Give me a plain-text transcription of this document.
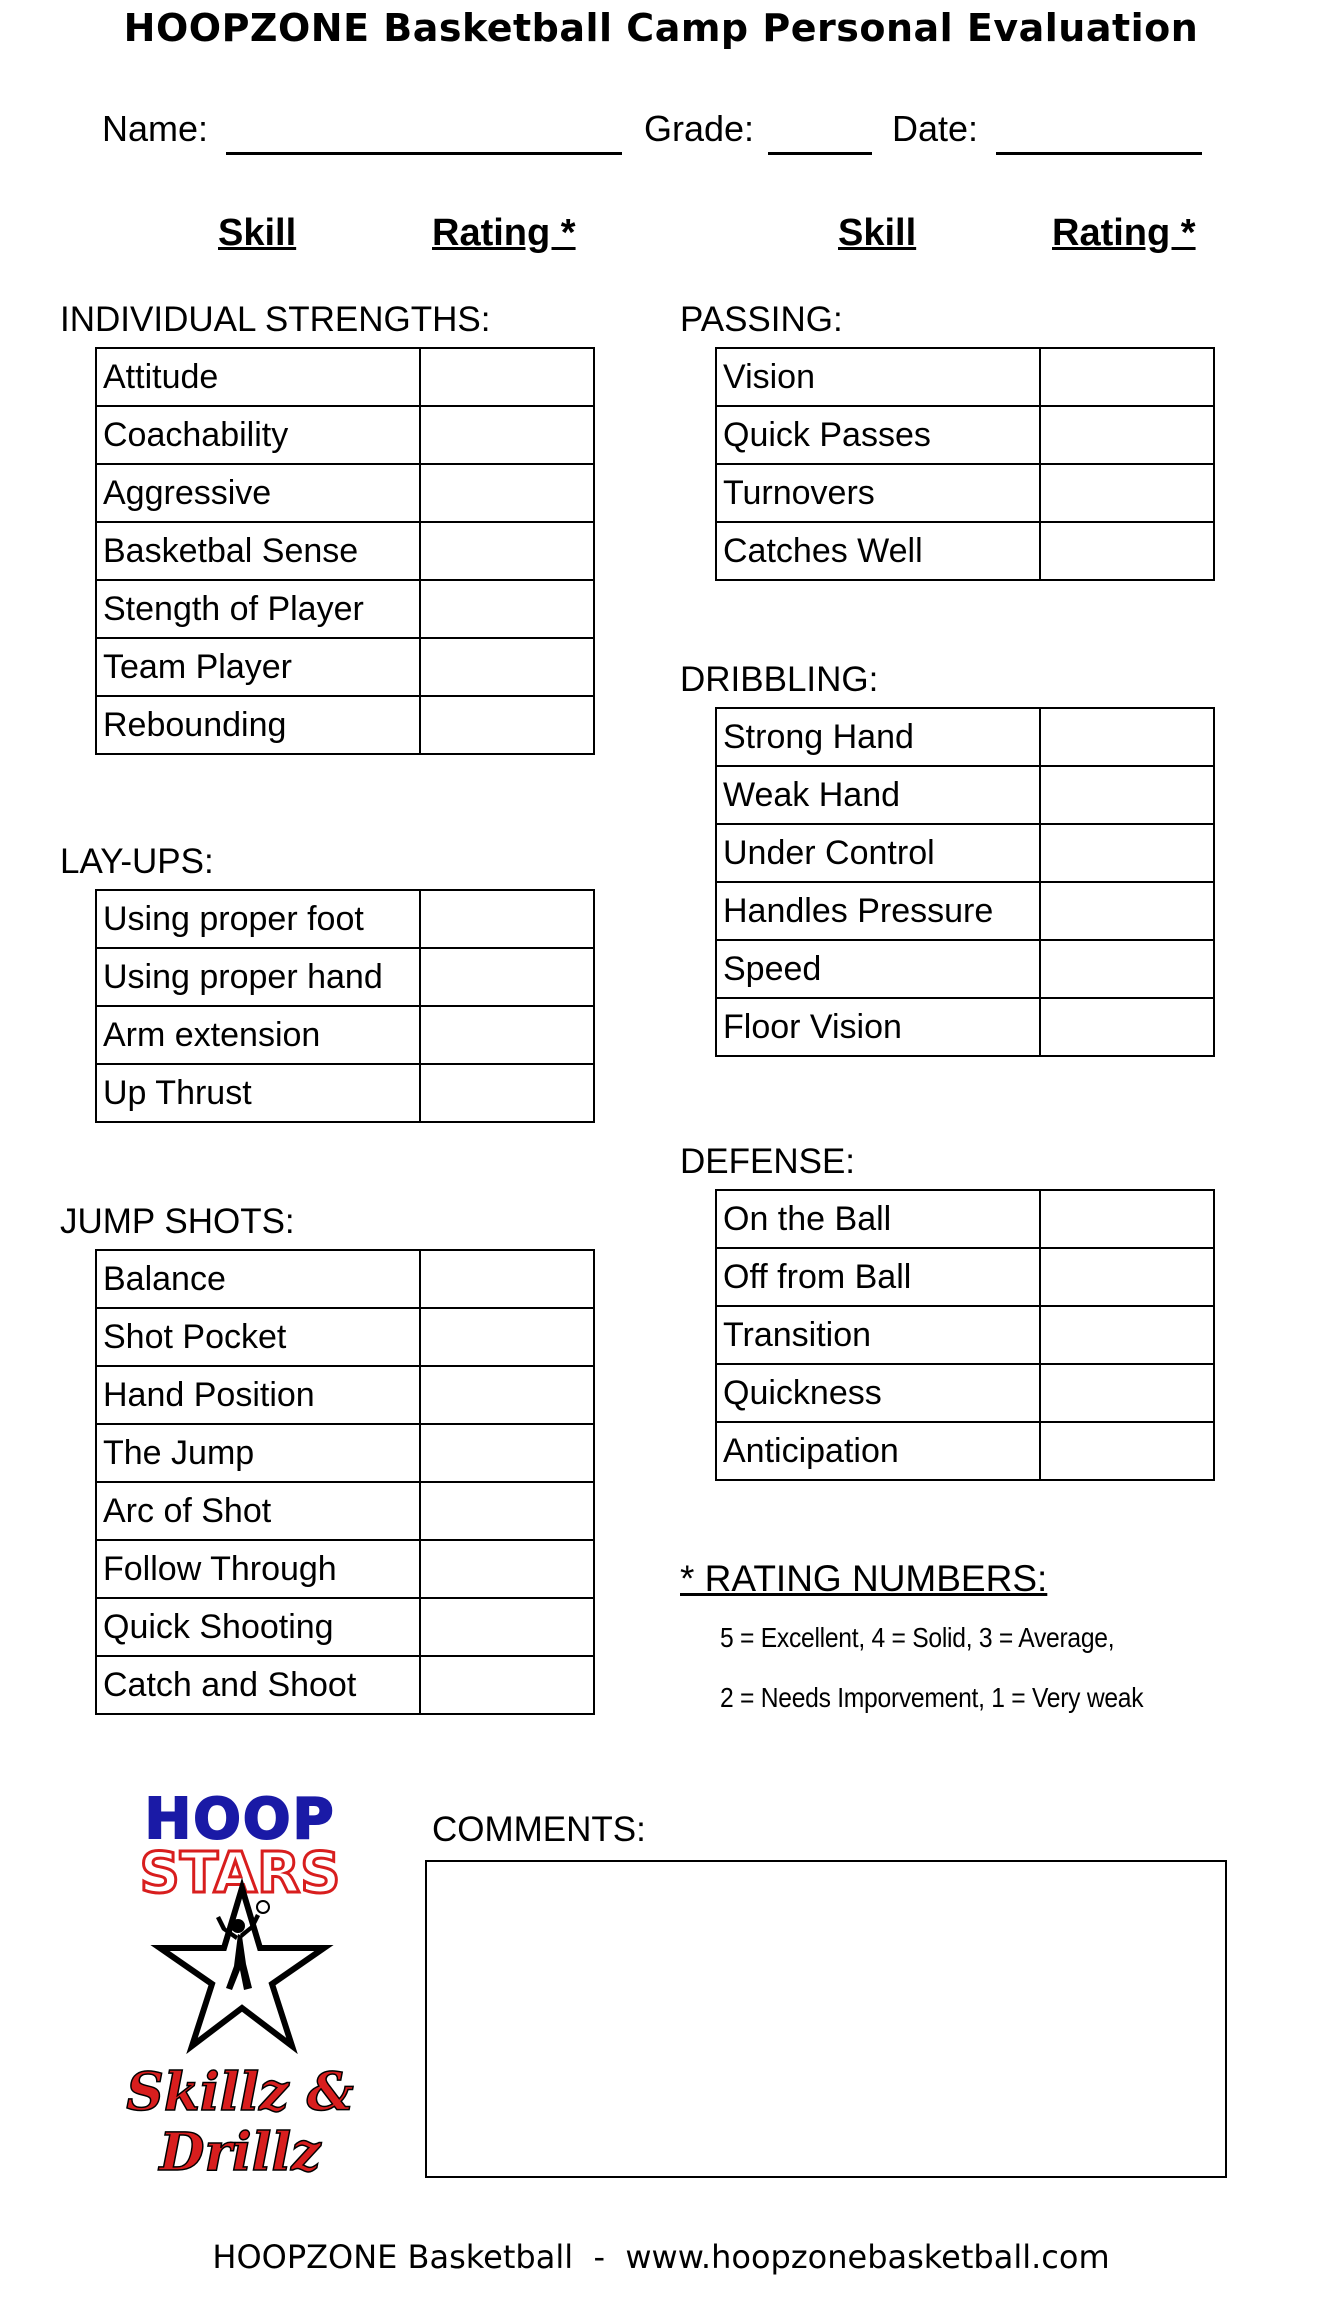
HOOPZONE Basketball Camp Personal Evaluation
Name:	Grade:	Date:
Skill	Rating *	Skill	Rating *
INDIVIDUAL STRENGTHS:
Attitude	
Coachability	
Aggressive	
Basketbal Sense	
Stength of Player	
Team Player	
Rebounding	
LAY-UPS:
Using proper foot	
Using proper hand	
Arm extension	
Up Thrust	
JUMP SHOTS:
Balance	
Shot Pocket	
Hand Position	
The Jump	
Arc of Shot	
Follow Through	
Quick Shooting	
Catch and Shoot	
PASSING:
Vision	
Quick Passes	
Turnovers	
Catches Well	
DRIBBLING:
Strong Hand	
Weak Hand	
Under Control	
Handles Pressure	
Speed	
Floor Vision	
DEFENSE:
On the Ball	
Off from Ball	
Transition	
Quickness	
Anticipation	
* RATING NUMBERS:
5 = Excellent, 4 = Solid, 3 = Average,
2 = Needs Imporvement, 1 = Very weak
HOOP
STARS
Skillz &
Drillz
COMMENTS:
HOOPZONE Basketball  -  www.hoopzonebasketball.com
